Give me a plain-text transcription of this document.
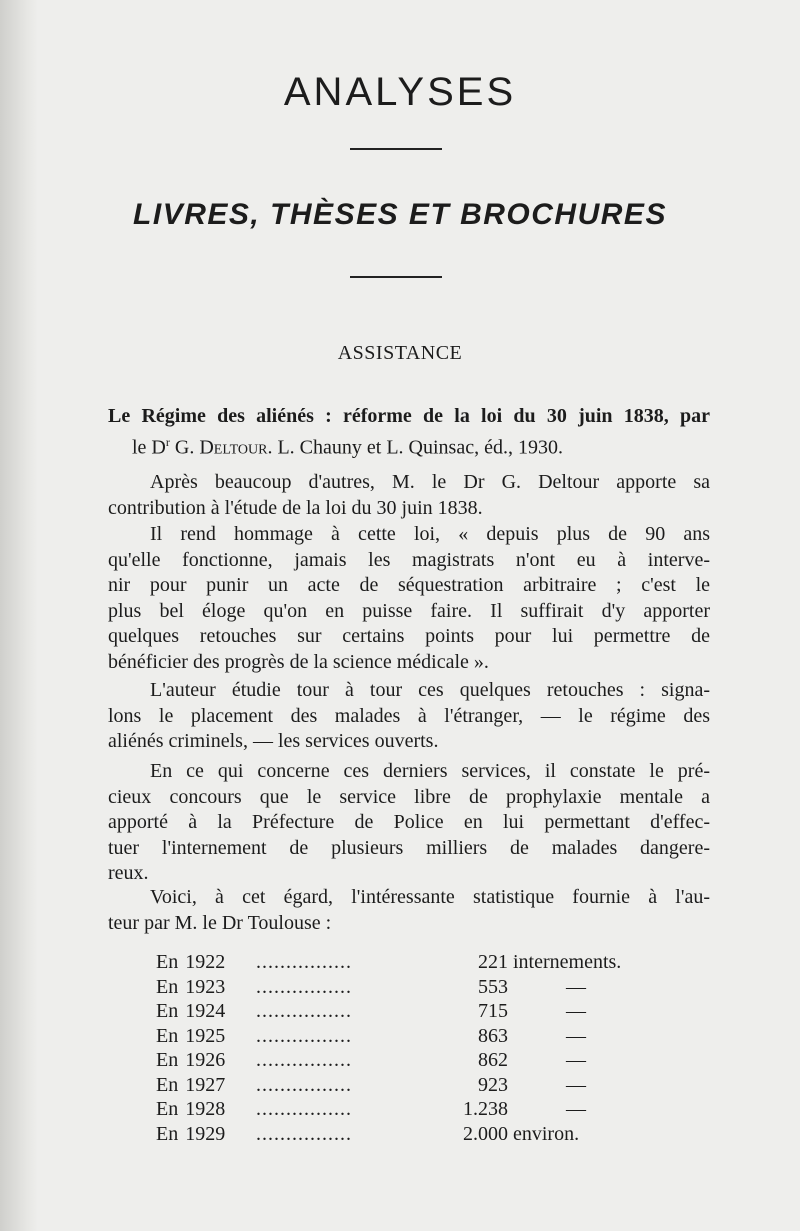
ANALYSES
LIVRES, THÈSES ET BROCHURES
ASSISTANCE
Le Régime des aliénés : réforme de la loi du 30 juin 1838, par
le $D^r$ G. Deltour. L. Chauny et L. Quinsac, éd., 1930.
Après beaucoup d'autres, M. le Dr G. Deltour apporte sa
contribution à l'étude de la loi du 30 juin 1838.
Il rend hommage à cette loi, « depuis plus de 90 ans
qu'elle fonctionne, jamais les magistrats n'ont eu à interve-
nir pour punir un acte de séquestration arbitraire ; c'est le
plus bel éloge qu'on en puisse faire. Il suffirait d'y apporter
quelques retouches sur certains points pour lui permettre de
bénéficier des progrès de la science médicale ».
L'auteur étudie tour à tour ces quelques retouches : signa-
lons le placement des malades à l'étranger, — le régime des
aliénés criminels, — les services ouverts.
En ce qui concerne ces derniers services, il constate le pré-
cieux concours que le service libre de prophylaxie mentale a
apporté à la Préfecture de Police en lui permettant d'effec-
tuer l'internement de plusieurs milliers de malades dangere-
reux.
Voici, à cet égard, l'intéressante statistique fournie à l'au-
teur par M. le Dr Toulouse :
En 1922 ................	221 internements.
En 1923 ................	553	—
En 1924 ................	715	—
En 1925 ................	863	—
En 1926 ................	862	—
En 1927 ................	923	—
En 1928 ................	1.238	—
En 1929 ................	2.000 environ.
